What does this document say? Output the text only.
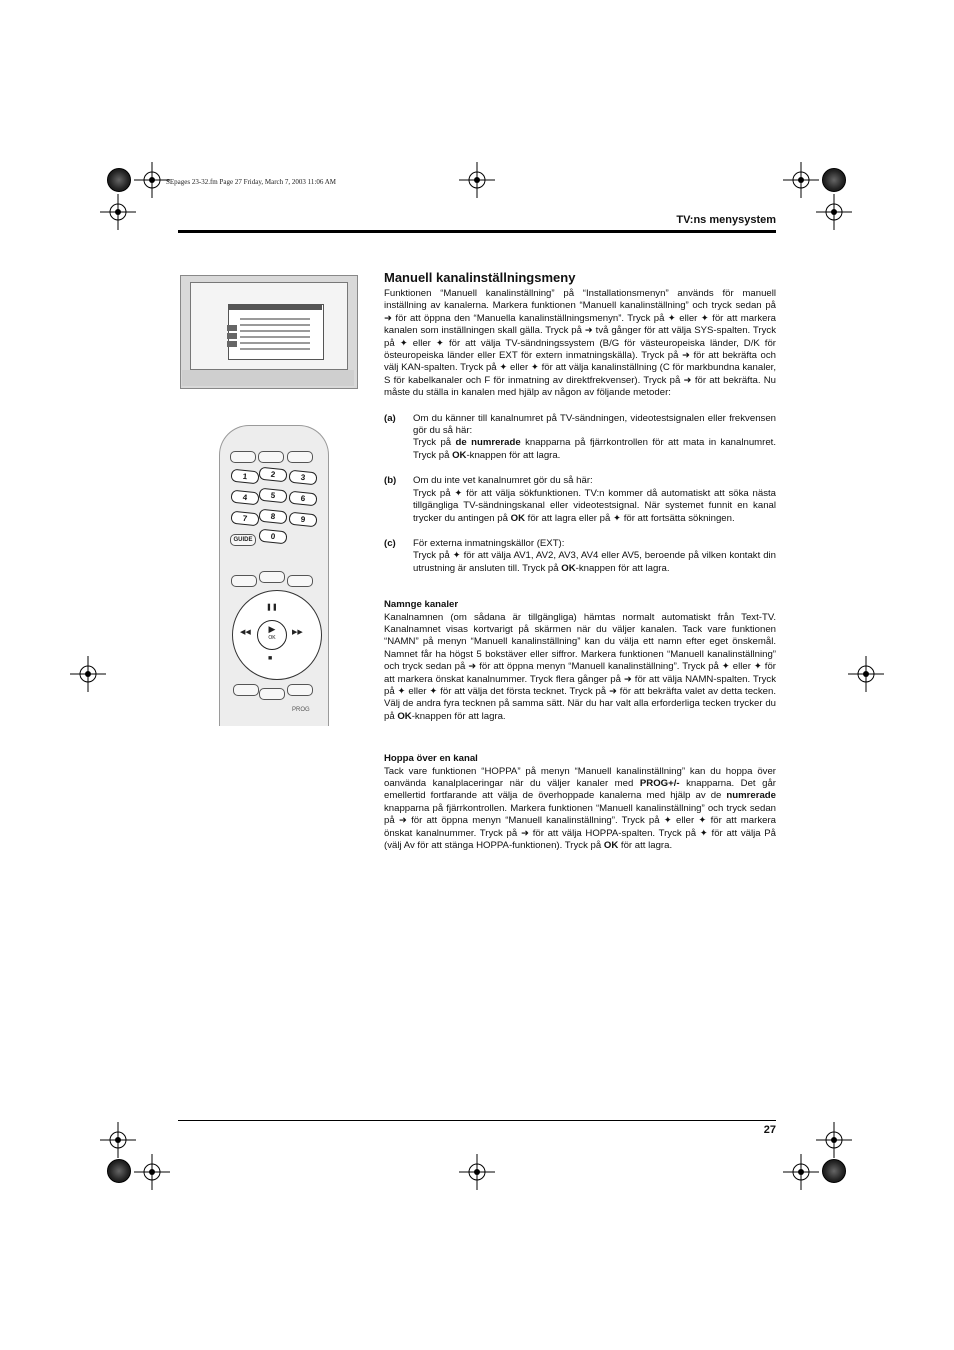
SEpages 23-32.fm Page 27 Friday, March 7, 2003 11:06 AM
TV:ns menysystem
1	2	3
4	5	6
7	8	9
0
GUIDE
❚❚
■
◀◀	▶▶
▶
OK
PROG
Manuell kanalinställningsmeny

Funktionen “Manuell kanalinställning” på “Installationsmenyn” används för manuell inställning av kanalerna. Markera funktionen “Manuell kanalinställning” och tryck sedan på ➜ för att öppna den “Manuella kanalinställningsmenyn”. Tryck på ✦ eller ✦ för att markera kanalen som inställningen skall gälla. Tryck på ➜ två gånger för att välja SYS-spalten. Tryck på ✦ eller ✦ för att välja TV-sändningssystem (B/G för västeuropeiska länder, D/K för östeuropeiska länder eller EXT för extern inmatningskälla). Tryck på ➜ för att bekräfta och välj KAN-spalten. Tryck på ✦ eller ✦ för att välja kanalinställning (C för markbundna kanaler, S för kabelkanaler och F för inmatning av direktfrekvenser). Tryck på ➜ för att bekräfta. Nu måste du ställa in kanalen med hjälp av någon av följande metoder:

(a)	Om du känner till kanalnumret på TV-sändningen, videotestsignalen eller frekvensen gör du så här:
Tryck på de numrerade knapparna på fjärrkontrollen för att mata in kanalnumret. Tryck på OK-knappen för att lagra.
(b)	Om du inte vet kanalnumret gör du så här:
Tryck på ✦ för att välja sökfunktionen. TV:n kommer då automatiskt att söka nästa tillgängliga TV-sändningskanal eller videotestsignal. När systemet funnit en kanal trycker du antingen på OK för att lagra eller på ✦ för att fortsätta sökningen.
(c)	För externa inmatningskällor (EXT):
Tryck på ✦ för att välja AV1, AV2, AV3, AV4 eller AV5, beroende på vilken kontakt din utrustning är ansluten till. Tryck på OK-knappen för att lagra.
Namnge kanaler

Kanalnamnen (om sådana är tillgängliga) hämtas normalt automatiskt från Text-TV. Kanalnamnet visas kortvarigt på skärmen när du väljer kanalen. Tack vare funktionen “NAMN” på menyn “Manuell kanalinställning” kan du välja ett namn efter eget önskemål. Namnet får ha högst 5 bokstäver eller siffror. Markera funktionen “Manuell kanalinställning” och tryck sedan på ➜ för att öppna menyn “Manuell kanalinställning”. Tryck på ✦ eller ✦ för att markera önskat kanalnummer. Tryck flera gånger på ➜ för att välja NAMN-spalten. Tryck på ✦ eller ✦ för att välja det första tecknet. Tryck på ➜ för att bekräfta valet av detta tecken. Välj de andra fyra tecknen på samma sätt. När du har valt alla erforderliga tecken trycker du på OK-knappen för att lagra.

Hoppa över en kanal

Tack vare funktionen “HOPPA” på menyn “Manuell kanalinställning” kan du hoppa över oanvända kanalplaceringar när du väljer kanaler med PROG+/- knapparna. Det går emellertid fortfarande att välja de överhoppade kanalerna med hjälp av de numrerade knapparna på fjärrkontrollen. Markera funktionen “Manuell kanalinställning” och tryck sedan på ➜ för att öppna menyn “Manuell kanalinställning”. Tryck på ✦ eller ✦ för att markera önskat kanalnummer. Tryck på ➜ för att välja HOPPA-spalten. Tryck på ✦ för att välja På (välj Av för att stänga HOPPA-funktionen). Tryck på OK för att lagra.

27
